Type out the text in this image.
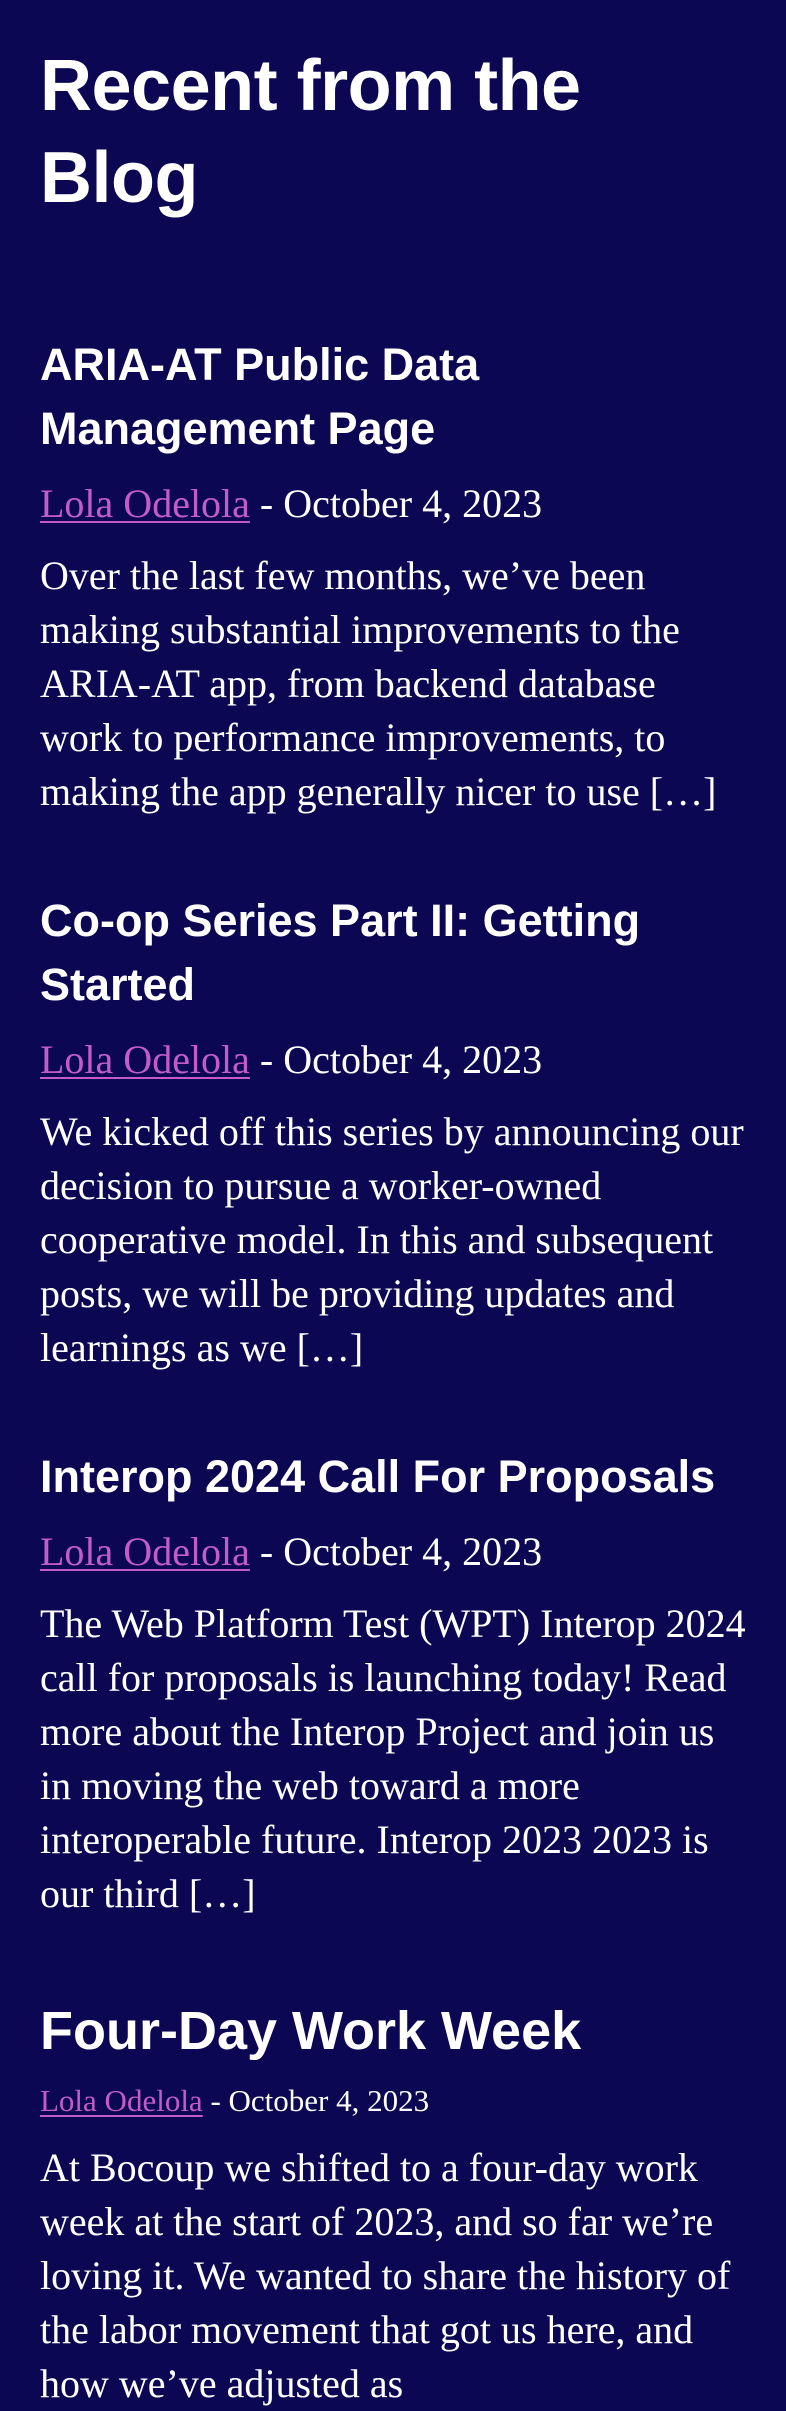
Recent from the Blog
ARIA-AT Public Data Management Page

Lola Odelola - October 4, 2023

Over the last few months, we’ve been making substantial improvements to the ARIA-AT app, from backend database work to performance improvements, to making the app generally nicer to use […]

Co-op Series Part II: Getting Started

Lola Odelola - October 4, 2023

We kicked off this series by announcing our decision to pursue a worker-owned cooperative model. In this and subsequent posts, we will be providing updates and learnings as we […]

Interop 2024 Call For Proposals

Lola Odelola - October 4, 2023

The Web Platform Test (WPT) Interop 2024 call for proposals is launching today! Read more about the Interop Project and join us in moving the web toward a more interoperable future. Interop 2023 2023 is our third […]

Four-Day Work Week

Lola Odelola - October 4, 2023

At Bocoup we shifted to a four-day work week at the start of 2023, and so far we’re loving it. We wanted to share the history of the labor movement that got us here, and how we’ve adjusted as
